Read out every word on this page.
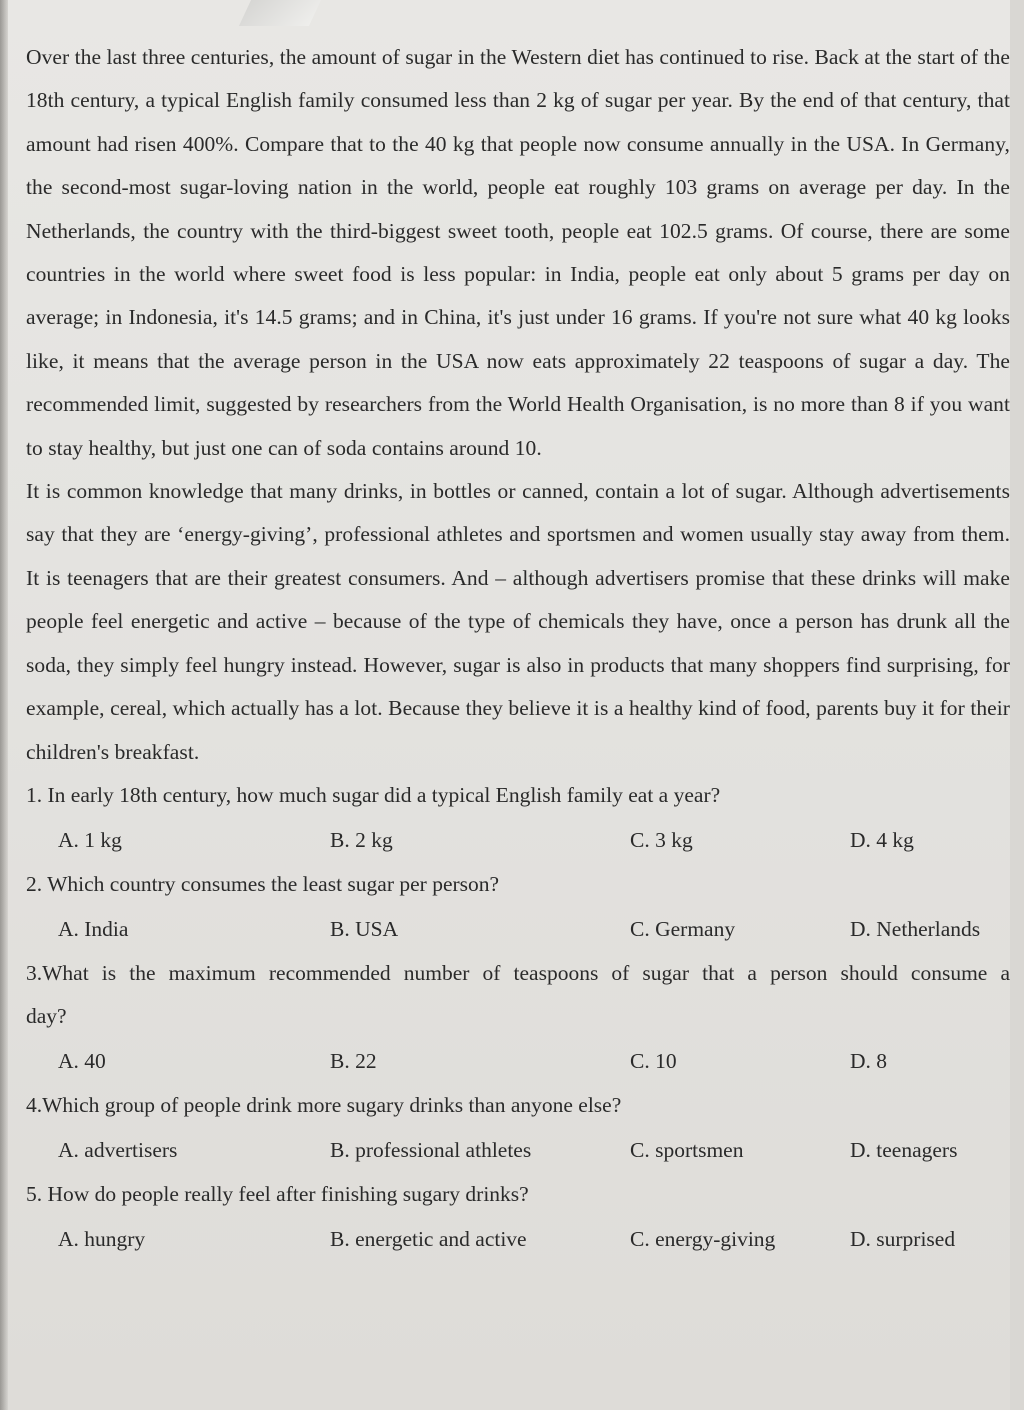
Over the last three centuries, the amount of sugar in the Western diet has continued to rise. Back at the start of the 18th century, a typical English family consumed less than 2 kg of sugar per year. By the end of that century, that amount had risen 400%. Compare that to the 40 kg that people now consume annually in the USA. In Germany, the second-most sugar-loving nation in the world, people eat roughly 103 grams on average per day. In the Netherlands, the country with the third-biggest sweet tooth, people eat 102.5 grams. Of course, there are some countries in the world where sweet food is less popular: in India, people eat only about 5 grams per day on average; in Indonesia, it's 14.5 grams; and in China, it's just under 16 grams. If you're not sure what 40 kg looks like, it means that the average person in the USA now eats approximately 22 teaspoons of sugar a day. The recommended limit, suggested by researchers from the World Health Organisation, is no more than 8 if you want to stay healthy, but just one can of soda contains around 10.

It is common knowledge that many drinks, in bottles or canned, contain a lot of sugar. Although advertisements say that they are ‘energy-giving’, professional athletes and sportsmen and women usually stay away from them. It is teenagers that are their greatest consumers. And – although advertisers promise that these drinks will make people feel energetic and active – because of the type of chemicals they have, once a person has drunk all the soda, they simply feel hungry instead. However, sugar is also in products that many shoppers find surprising, for example, cereal, which actually has a lot. Because they believe it is a healthy kind of food, parents buy it for their children's breakfast.

1. In early 18th century, how much sugar did a typical English family eat a year?

A. 1 kg	B. 2 kg	C. 3 kg	D. 4 kg

2. Which country consumes the least sugar per person?

A. India	B. USA	C. Germany	D. Netherlands

3.What is the maximum recommended number of teaspoons of sugar that a person should consume a day?

A. 40	B. 22	C. 10	D. 8

4.Which group of people drink more sugary drinks than anyone else?

A. advertisers	B. professional athletes	C. sportsmen	D. teenagers

5. How do people really feel after finishing sugary drinks?

A. hungry	B. energetic and active	C. energy-giving	D. surprised
